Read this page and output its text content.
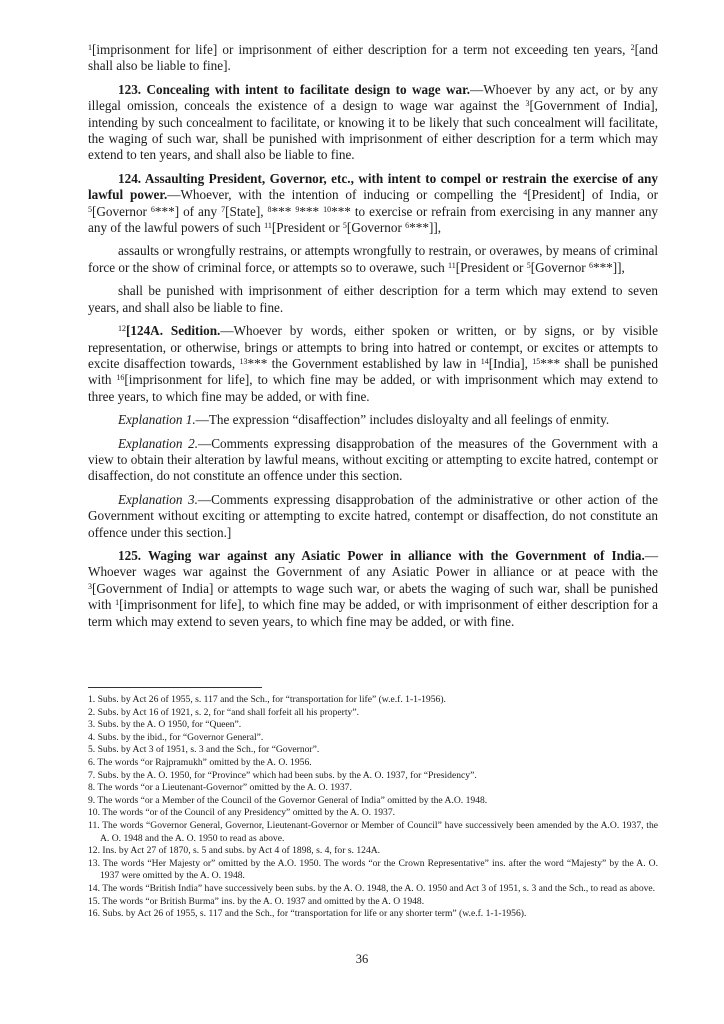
$^1$[imprisonment for life] or imprisonment of either description for a term not exceeding ten years, $^2$[and shall also be liable to fine].

123. Concealing with intent to facilitate design to wage war.—Whoever by any act, or by any illegal omission, conceals the existence of a design to wage war against the $^3$[Government of India], intending by such concealment to facilitate, or knowing it to be likely that such concealment will facilitate, the waging of such war, shall be punished with imprisonment of either description for a term which may extend to ten years, and shall also be liable to fine.

124. Assaulting President, Governor, etc., with intent to compel or restrain the exercise of any lawful power.—Whoever, with the intention of inducing or compelling the $^4$[President] of India, or $^5$[Governor $^6$***] of any $^7$[State], $^8$*** $^9$*** $^{10}$*** to exercise or refrain from exercising in any manner any any of the lawful powers of such $^{11}$[President or $^5$[Governor $^6$***]],

assaults or wrongfully restrains, or attempts wrongfully to restrain, or overawes, by means of criminal force or the show of criminal force, or attempts so to overawe, such $^{11}$[President or $^5$[Governor $^6$***]],

shall be punished with imprisonment of either description for a term which may extend to seven years, and shall also be liable to fine.

$^{12}$[124A. Sedition.—Whoever by words, either spoken or written, or by signs, or by visible representation, or otherwise, brings or attempts to bring into hatred or contempt, or excites or attempts to excite disaffection towards, $^{13}$*** the Government established by law in $^{14}$[India], $^{15}$*** shall be punished with $^{16}$[imprisonment for life], to which fine may be added, or with imprisonment which may extend to three years, to which fine may be added, or with fine.

Explanation 1.—The expression “disaffection” includes disloyalty and all feelings of enmity.

Explanation 2.—Comments expressing disapprobation of the measures of the Government with a view to obtain their alteration by lawful means, without exciting or attempting to excite hatred, contempt or disaffection, do not constitute an offence under this section.

Explanation 3.—Comments expressing disapprobation of the administrative or other action of the Government without exciting or attempting to excite hatred, contempt or disaffection, do not constitute an offence under this section.]

125. Waging war against any Asiatic Power in alliance with the Government of India.— Whoever wages war against the Government of any Asiatic Power in alliance or at peace with the $^3$[Government of India] or attempts to wage such war, or abets the waging of such war, shall be punished with $^1$[imprisonment for life], to which fine may be added, or with imprisonment of either description for a term which may extend to seven years, to which fine may be added, or with fine.

1. Subs. by Act 26 of 1955, s. 117 and the Sch., for “transportation for life” (w.e.f. 1-1-1956).

2. Subs. by Act 16 of 1921, s. 2, for “and shall forfeit all his property”.

3. Subs. by the A. O 1950, for “Queen”.

4. Subs. by the ibid., for “Governor General”.

5. Subs. by Act 3 of 1951, s. 3 and the Sch., for “Governor”.

6. The words “or Rajpramukh” omitted by the A. O. 1956.

7. Subs. by the A. O. 1950, for “Province” which had been subs. by the A. O. 1937, for “Presidency”.

8. The words “or a Lieutenant-Governor” omitted by the A. O. 1937.

9. The words “or a Member of the Council of the Governor General of India” omitted by the A.O. 1948.

10. The words “or of the Council of any Presidency” omitted by the A. O. 1937.

11. The words “Governor General, Governor, Lieutenant-Governor or Member of Council” have successively been amended by the A.O. 1937, the A. O. 1948 and the A. O. 1950 to read as above.

12. Ins. by Act 27 of 1870, s. 5 and subs. by Act 4 of 1898, s. 4, for s. 124A.

13. The words “Her Majesty or” omitted by the A.O. 1950. The words “or the Crown Representative” ins. after the word “Majesty” by the A. O. 1937 were omitted by the A. O. 1948.

14. The words “British India” have successively been subs. by the A. O. 1948, the A. O. 1950 and Act 3 of 1951, s. 3 and the Sch., to read as above.

15. The words “or British Burma” ins. by the A. O. 1937 and omitted by the A. O 1948.

16. Subs. by Act 26 of 1955, s. 117 and the Sch., for “transportation for life or any shorter term” (w.e.f. 1-1-1956).

36
